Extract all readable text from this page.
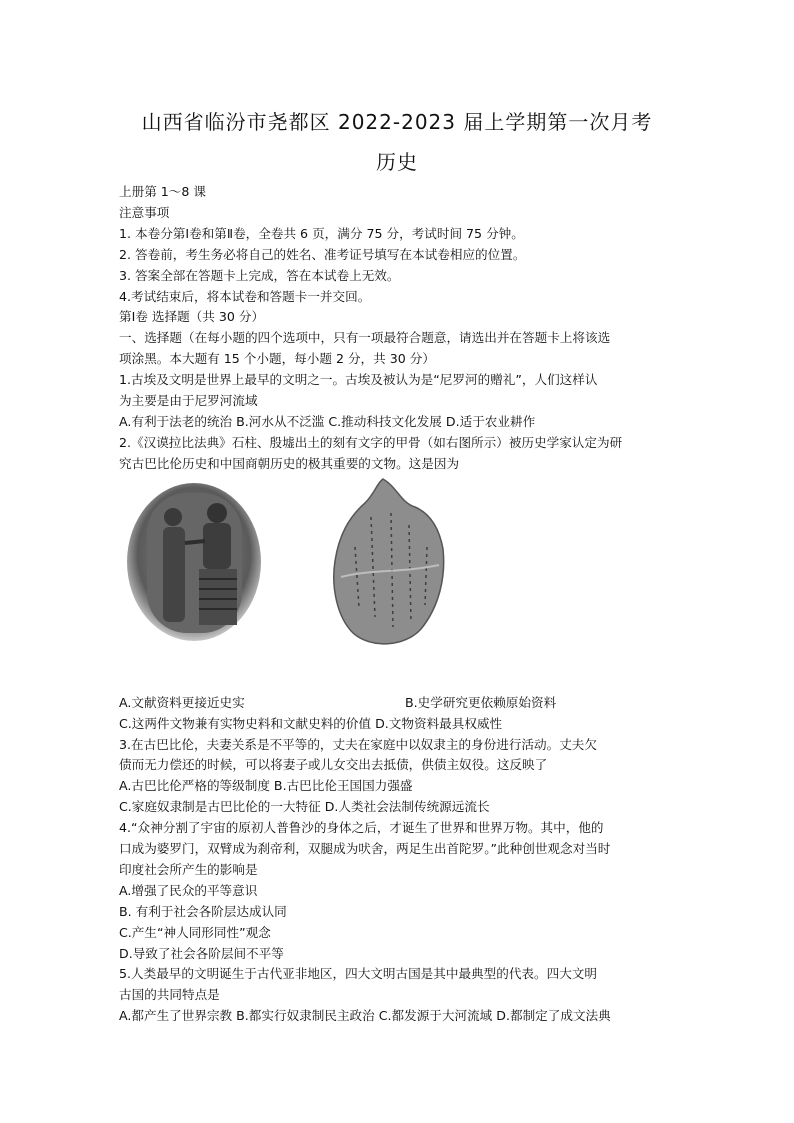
山西省临汾市尧都区 2022-2023 届上学期第一次月考
历史

上册第 1～8 课

注意事项

1. 本卷分第Ⅰ卷和第Ⅱ卷，全卷共 6 页，满分 75 分，考试时间 75 分钟。

2. 答卷前，考生务必将自己的姓名、准考证号填写在本试卷相应的位置。

3. 答案全部在答题卡上完成，答在本试卷上无效。

4.考试结束后，将本试卷和答题卡一并交回。

第Ⅰ卷 选择题（共 30 分）

一、选择题（在每小题的四个选项中，只有一项最符合题意，请选出并在答题卡上将该选

项涂黑。本大题有 15 个小题，每小题 2 分，共 30 分）

1.古埃及文明是世界上最早的文明之一。古埃及被认为是“尼罗河的赠礼”，人们这样认

为主要是由于尼罗河流域

A.有利于法老的统治 B.河水从不泛滥 C.推动科技文化发展 D.适于农业耕作

2.《汉谟拉比法典》石柱、殷墟出土的刻有文字的甲骨（如右图所示）被历史学家认定为研

究古巴比伦历史和中国商朝历史的极其重要的文物。这是因为

A.文献资料更接近史实	B.史学研究更依赖原始资料

C.这两件文物兼有实物史料和文献史料的价值 D.文物资料最具权威性

3.在古巴比伦，夫妻关系是不平等的，丈夫在家庭中以奴隶主的身份进行活动。丈夫欠

债而无力偿还的时候，可以将妻子或儿女交出去抵债，供债主奴役。这反映了

A.古巴比伦严格的等级制度 B.古巴比伦王国国力强盛

C.家庭奴隶制是古巴比伦的一大特征 D.人类社会法制传统源远流长

4.“众神分割了宇宙的原初人普鲁沙的身体之后，才诞生了世界和世界万物。其中，他的

口成为婆罗门，双臂成为刹帝利，双腿成为吠舍，两足生出首陀罗。”此种创世观念对当时

印度社会所产生的影响是

A.增强了民众的平等意识

B. 有利于社会各阶层达成认同

C.产生“神人同形同性”观念

D.导致了社会各阶层间不平等

5.人类最早的文明诞生于古代亚非地区，四大文明古国是其中最典型的代表。四大文明

古国的共同特点是

A.都产生了世界宗教 B.都实行奴隶制民主政治 C.都发源于大河流域 D.都制定了成文法典
